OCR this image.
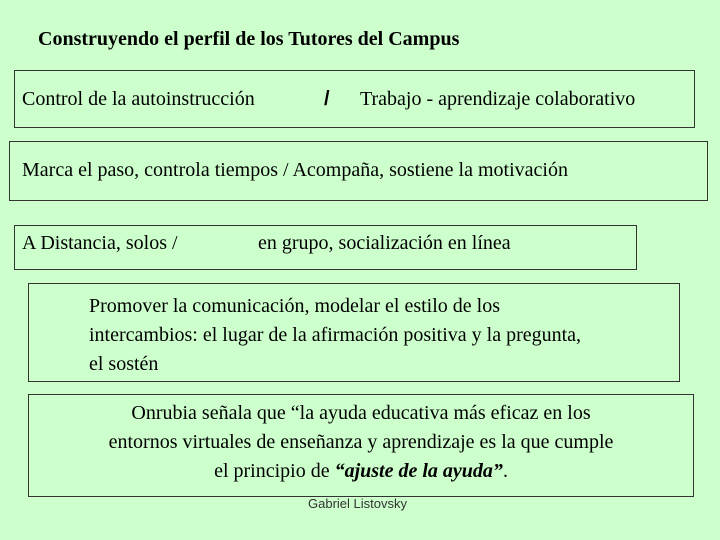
Construyendo el perfil de los Tutores del Campus
Control de la autoinstrucción	/ Trabajo - aprendizaje colaborativo
Marca el paso, controla tiempos / Acompaña, sostiene la motivación
A Distancia, solos /	en grupo, socialización en línea
Promover la comunicación, modelar el estilo de los
intercambios: el lugar de la afirmación positiva y la pregunta,
el sostén
Onrubia señala que “la ayuda educativa más eficaz en los
entornos virtuales de enseñanza y aprendizaje es la que cumple
el principio de “ajuste de la ayuda”.
Gabriel Listovsky
